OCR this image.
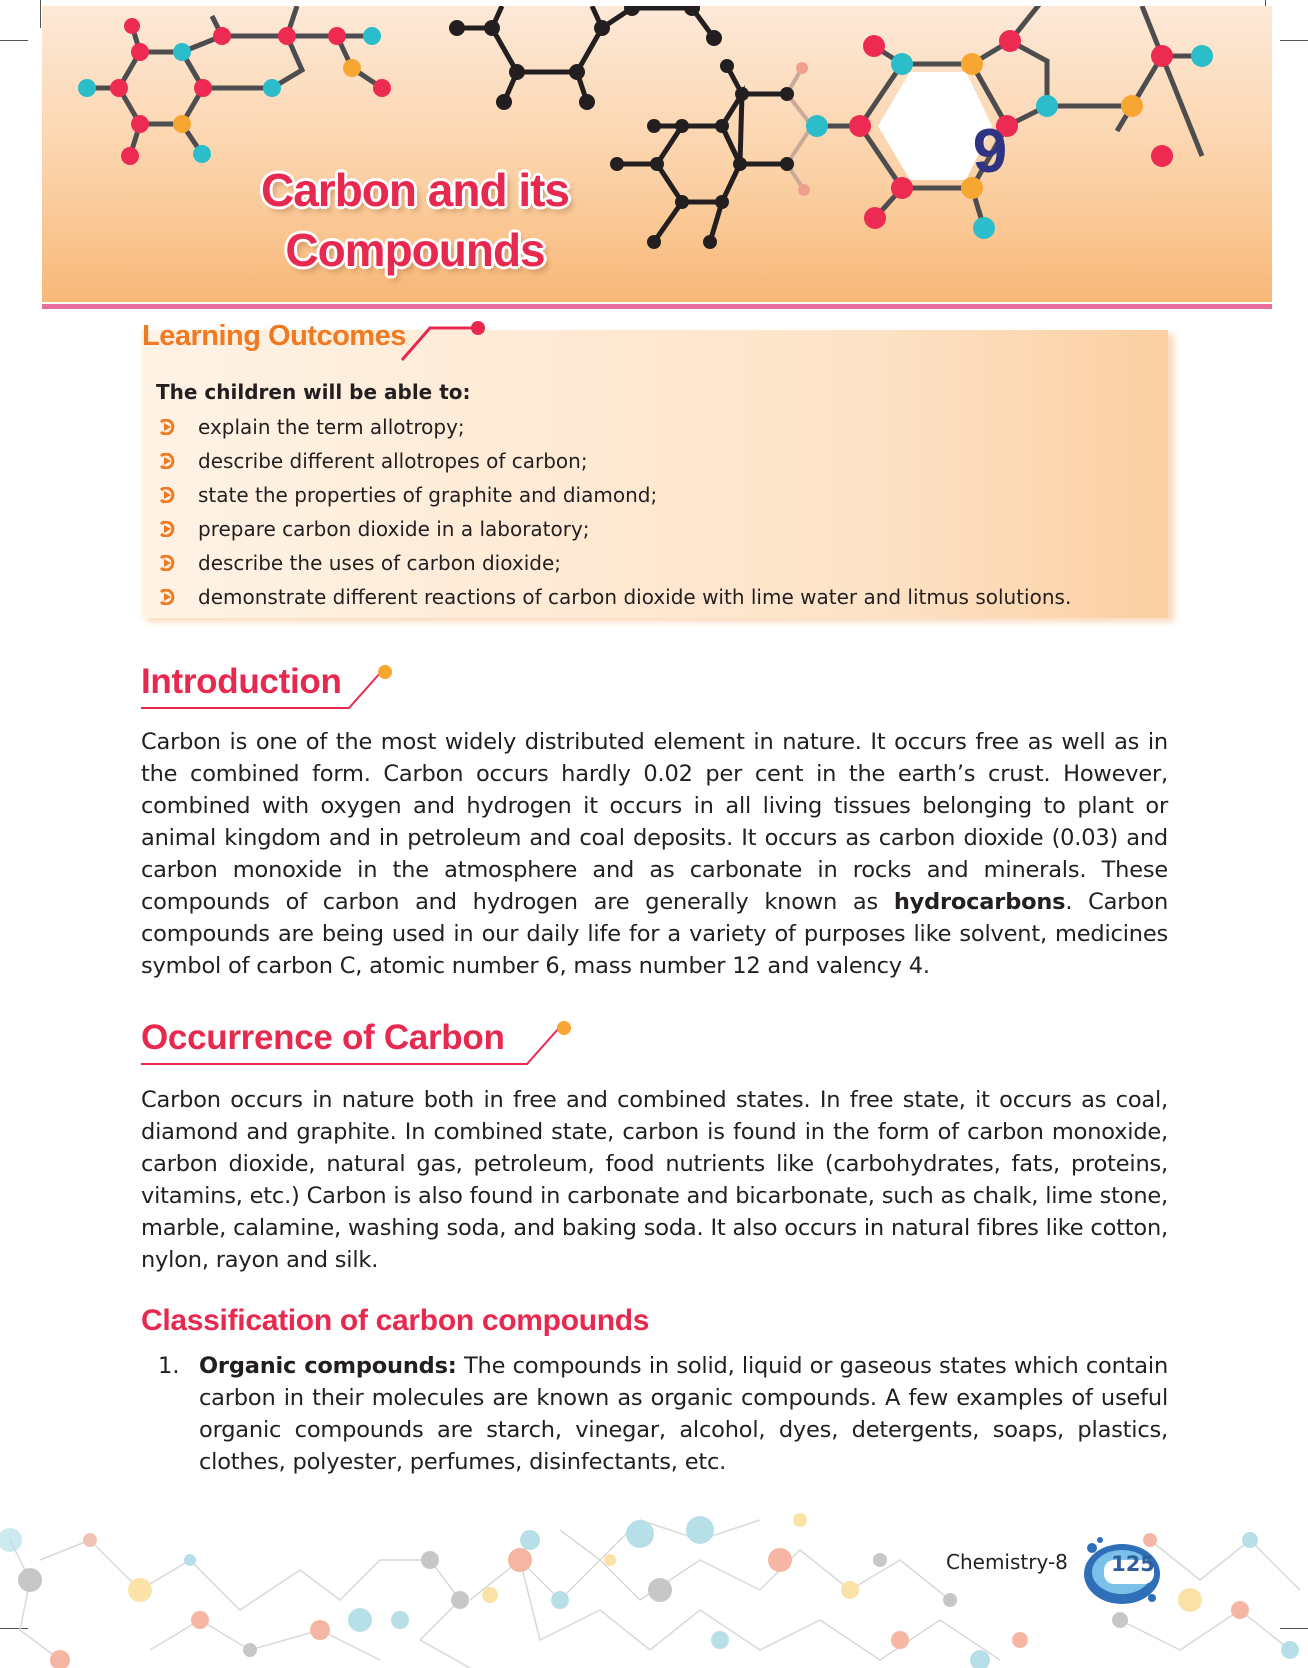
9
Carbon and its
Compounds
Learning Outcomes
The children will be able to:
explain the term allotropy;
describe different allotropes of carbon;
state the properties of graphite and diamond;
prepare carbon dioxide in a laboratory;
describe the uses of carbon dioxide;
demonstrate different reactions of carbon dioxide with lime water and litmus solutions.
Introduction

Carbon is one of the most widely distributed element in nature. It occurs free as well as in the combined form. Carbon occurs hardly 0.02 per cent in the earth’s crust. However, combined with oxygen and hydrogen it occurs in all living tissues belonging to plant or animal kingdom and in petroleum and coal deposits. It occurs as carbon dioxide (0.03) and carbon monoxide in the atmosphere and as carbonate in rocks and minerals. These compounds of carbon and hydrogen are generally known as hydrocarbons. Carbon compounds are being used in our daily life for a variety of purposes like solvent, medicines symbol of carbon C, atomic number 6, mass number 12 and valency 4.

Occurrence of Carbon

Carbon occurs in nature both in free and combined states. In free state, it occurs as coal, diamond and graphite. In combined state, carbon is found in the form of carbon monoxide, carbon dioxide, natural gas, petroleum, food nutrients like (carbohydrates, fats, proteins, vitamins, etc.) Carbon is also found in carbonate and bicarbonate, such as chalk, lime stone, marble, calamine, washing soda, and baking soda. It also occurs in natural fibres like cotton, nylon, rayon and silk.

Classification of carbon compounds
1. Organic compounds: The compounds in solid, liquid or gaseous states which contain carbon in their molecules are known as organic compounds. A few examples of useful organic compounds are starch, vinegar, alcohol, dyes, detergents, soaps, plastics, clothes, polyester, perfumes, disinfectants, etc.
Chemistry-8 125
